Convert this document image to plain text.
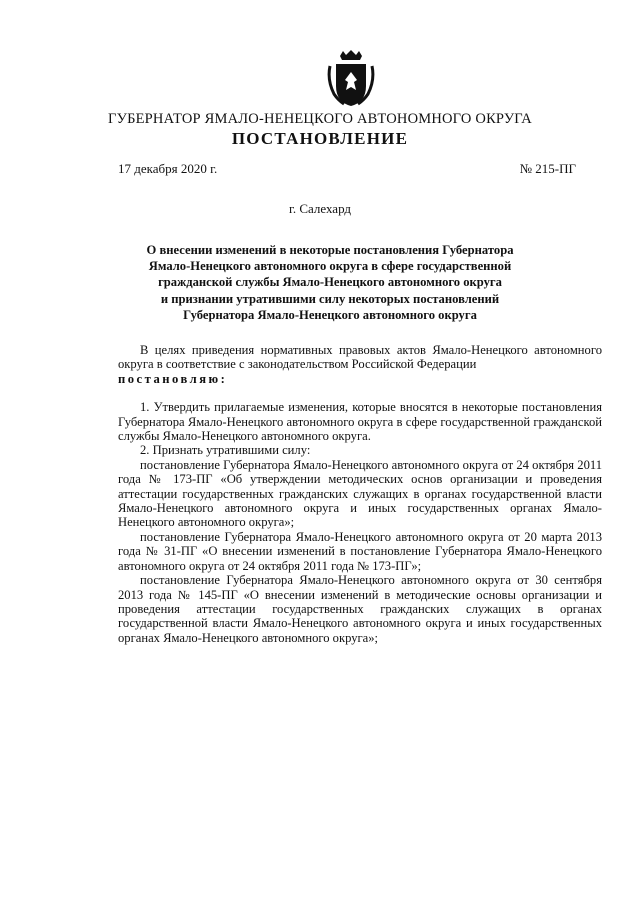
ГУБЕРНАТОР ЯМАЛО-НЕНЕЦКОГО АВТОНОМНОГО ОКРУГА
ПОСТАНОВЛЕНИЕ
17 декабря 2020 г.	№ 215-ПГ
г. Салехард
О внесении изменений в некоторые постановления Губернатора
Ямало-Ненецкого автономного округа в сфере государственной
гражданской службы Ямало-Ненецкого автономного округа
и признании утратившими силу некоторых постановлений
Губернатора Ямало-Ненецкого автономного округа

В целях приведения нормативных правовых актов Ямало-Ненецкого автономного округа в соответствие с законодательством Российской Федерации
постановляю:

1. Утвердить прилагаемые изменения, которые вносятся в некоторые постановления Губернатора Ямало-Ненецкого автономного округа в сфере государственной гражданской службы Ямало-Ненецкого автономного округа.

2. Признать утратившими силу:

постановление Губернатора Ямало-Ненецкого автономного округа от 24 октября 2011 года № 173-ПГ «Об утверждении методических основ организации и проведения аттестации государственных гражданских служащих в органах государственной власти Ямало-Ненецкого автономного округа и иных государственных органах Ямало-Ненецкого автономного округа»;

постановление Губернатора Ямало-Ненецкого автономного округа от 20 марта 2013 года № 31-ПГ «О внесении изменений в постановление Губернатора Ямало-Ненецкого автономного округа от 24 октября 2011 года № 173-ПГ»;

постановление Губернатора Ямало-Ненецкого автономного округа от 30 сентября 2013 года № 145-ПГ «О внесении изменений в методические основы организации и проведения аттестации государственных гражданских служащих в органах государственной власти Ямало-Ненецкого автономного округа и иных государственных органах Ямало-Ненецкого автономного округа»;
